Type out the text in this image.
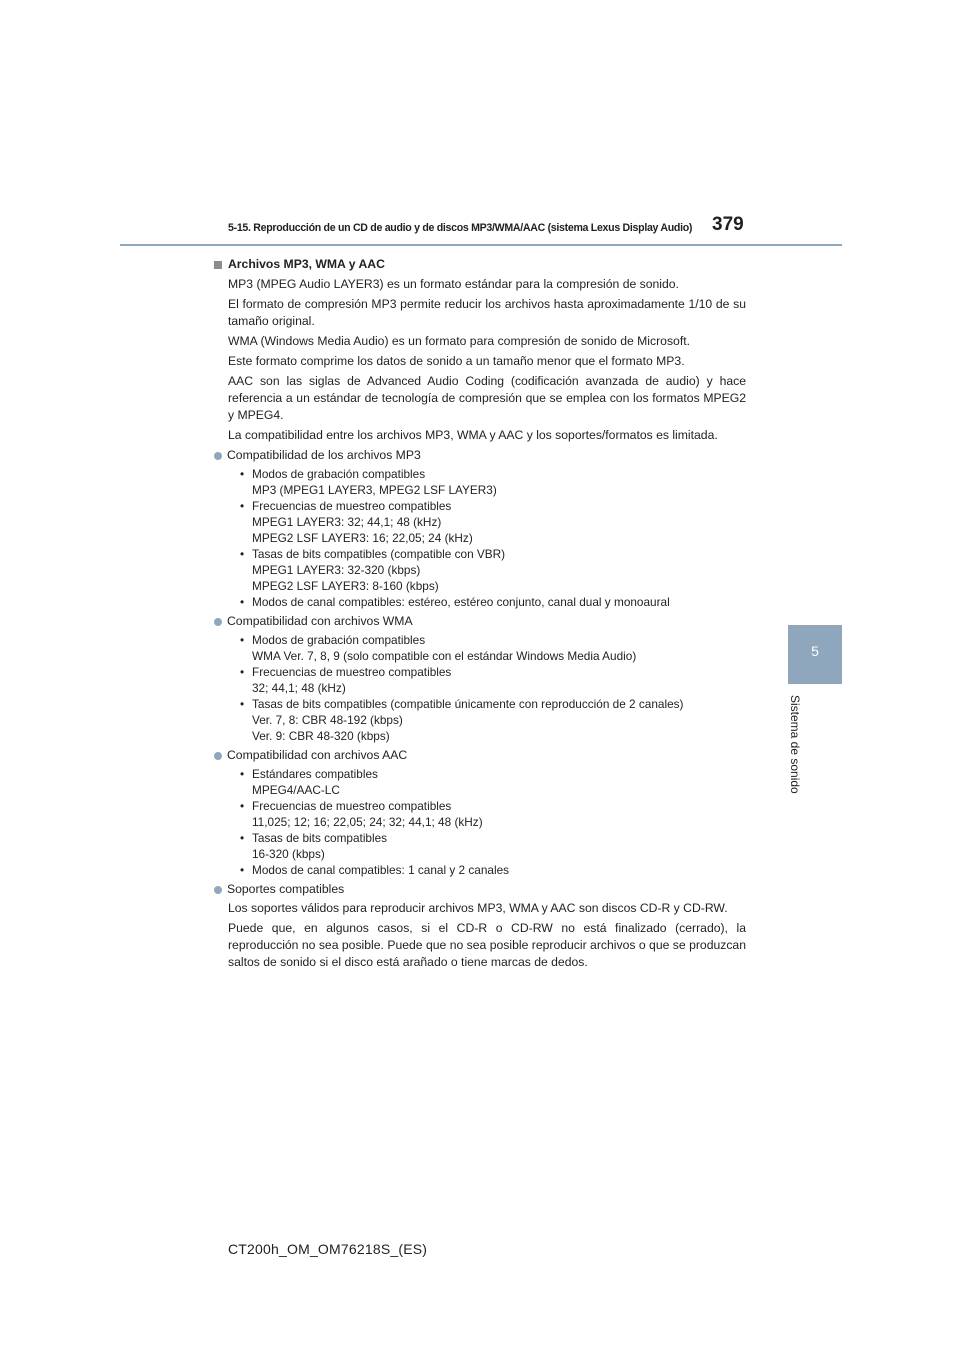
5-15. Reproducción de un CD de audio y de discos MP3/WMA/AAC (sistema Lexus Display Audio)	379
5
Sistema de sonido
Archivos MP3, WMA y AAC

MP3 (MPEG Audio LAYER3) es un formato estándar para la compresión de sonido.

El formato de compresión MP3 permite reducir los archivos hasta aproximadamente 1/10 de su tamaño original.

WMA (Windows Media Audio) es un formato para compresión de sonido de Microsoft.

Este formato comprime los datos de sonido a un tamaño menor que el formato MP3.

AAC son las siglas de Advanced Audio Coding (codificación avanzada de audio) y hace referencia a un estándar de tecnología de compresión que se emplea con los formatos MPEG2 y MPEG4.

La compatibilidad entre los archivos MP3, WMA y AAC y los soportes/formatos es limitada.

Compatibilidad de los archivos MP3
• Modos de grabación compatibles
MP3 (MPEG1 LAYER3, MPEG2 LSF LAYER3)
• Frecuencias de muestreo compatibles
MPEG1 LAYER3: 32; 44,1; 48 (kHz)
MPEG2 LSF LAYER3: 16; 22,05; 24 (kHz)
• Tasas de bits compatibles (compatible con VBR)
MPEG1 LAYER3: 32-320 (kbps)
MPEG2 LSF LAYER3: 8-160 (kbps)
• Modos de canal compatibles: estéreo, estéreo conjunto, canal dual y monoaural
Compatibilidad con archivos WMA
• Modos de grabación compatibles
WMA Ver. 7, 8, 9 (solo compatible con el estándar Windows Media Audio)
• Frecuencias de muestreo compatibles
32; 44,1; 48 (kHz)
• Tasas de bits compatibles (compatible únicamente con reproducción de 2 canales)
Ver. 7, 8: CBR 48-192 (kbps)
Ver. 9: CBR 48-320 (kbps)
Compatibilidad con archivos AAC
• Estándares compatibles
MPEG4/AAC-LC
• Frecuencias de muestreo compatibles
11,025; 12; 16; 22,05; 24; 32; 44,1; 48 (kHz)
• Tasas de bits compatibles
16-320 (kbps)
• Modos de canal compatibles: 1 canal y 2 canales
Soportes compatibles

Los soportes válidos para reproducir archivos MP3, WMA y AAC son discos CD-R y CD-RW.

Puede que, en algunos casos, si el CD-R o CD-RW no está finalizado (cerrado), la reproducción no sea posible. Puede que no sea posible reproducir archivos o que se produzcan saltos de sonido si el disco está arañado o tiene marcas de dedos.

CT200h_OM_OM76218S_(ES)
